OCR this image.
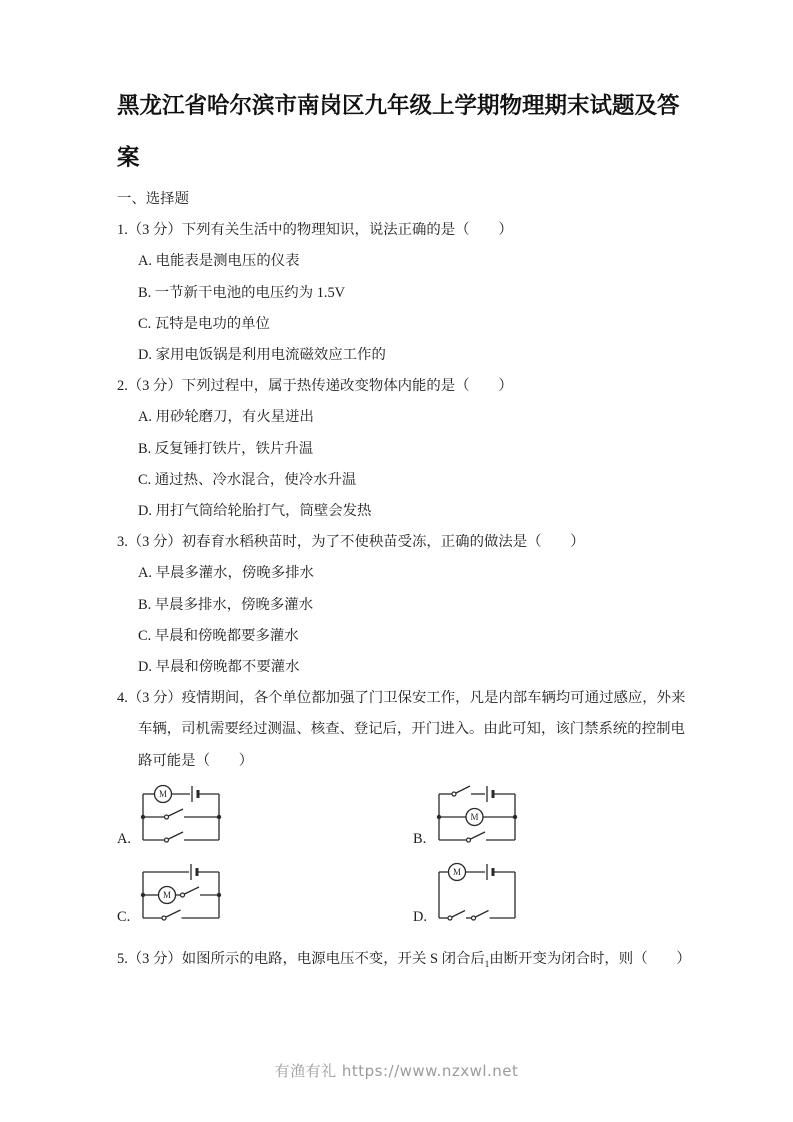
黑龙江省哈尔滨市南岗区九年级上学期物理期末试题及答案
一、选择题

1.（3 分）下列有关生活中的物理知识，说法正确的是（　　）

A. 电能表是测电压的仪表

B. 一节新干电池的电压约为 1.5V

C. 瓦特是电功的单位

D. 家用电饭锅是利用电流磁效应工作的

2.（3 分）下列过程中，属于热传递改变物体内能的是（　　）

A. 用砂轮磨刀，有火星迸出

B. 反复锤打铁片，铁片升温

C. 通过热、冷水混合，使冷水升温

D. 用打气筒给轮胎打气，筒壁会发热

3.（3 分）初春育水稻秧苗时，为了不使秧苗受冻，正确的做法是（　　）

A. 早晨多灌水，傍晚多排水

B. 早晨多排水，傍晚多灌水

C. 早晨和傍晚都要多灌水

D. 早晨和傍晚都不要灌水

4.（3 分）疫情期间，各个单位都加强了门卫保安工作，凡是内部车辆均可通过感应，外来车辆，司机需要经过测温、核查、登记后，开门进入。由此可知，该门禁系统的控制电路可能是（　　）

A.
M
B.
M
C.
M
D.
M

5.（3 分）如图所示的电路，电源电压不变，开关 S 闭合后$_1$由断开变为闭合时，则（　　）

有渔有礼 https://www.nzxwl.net
